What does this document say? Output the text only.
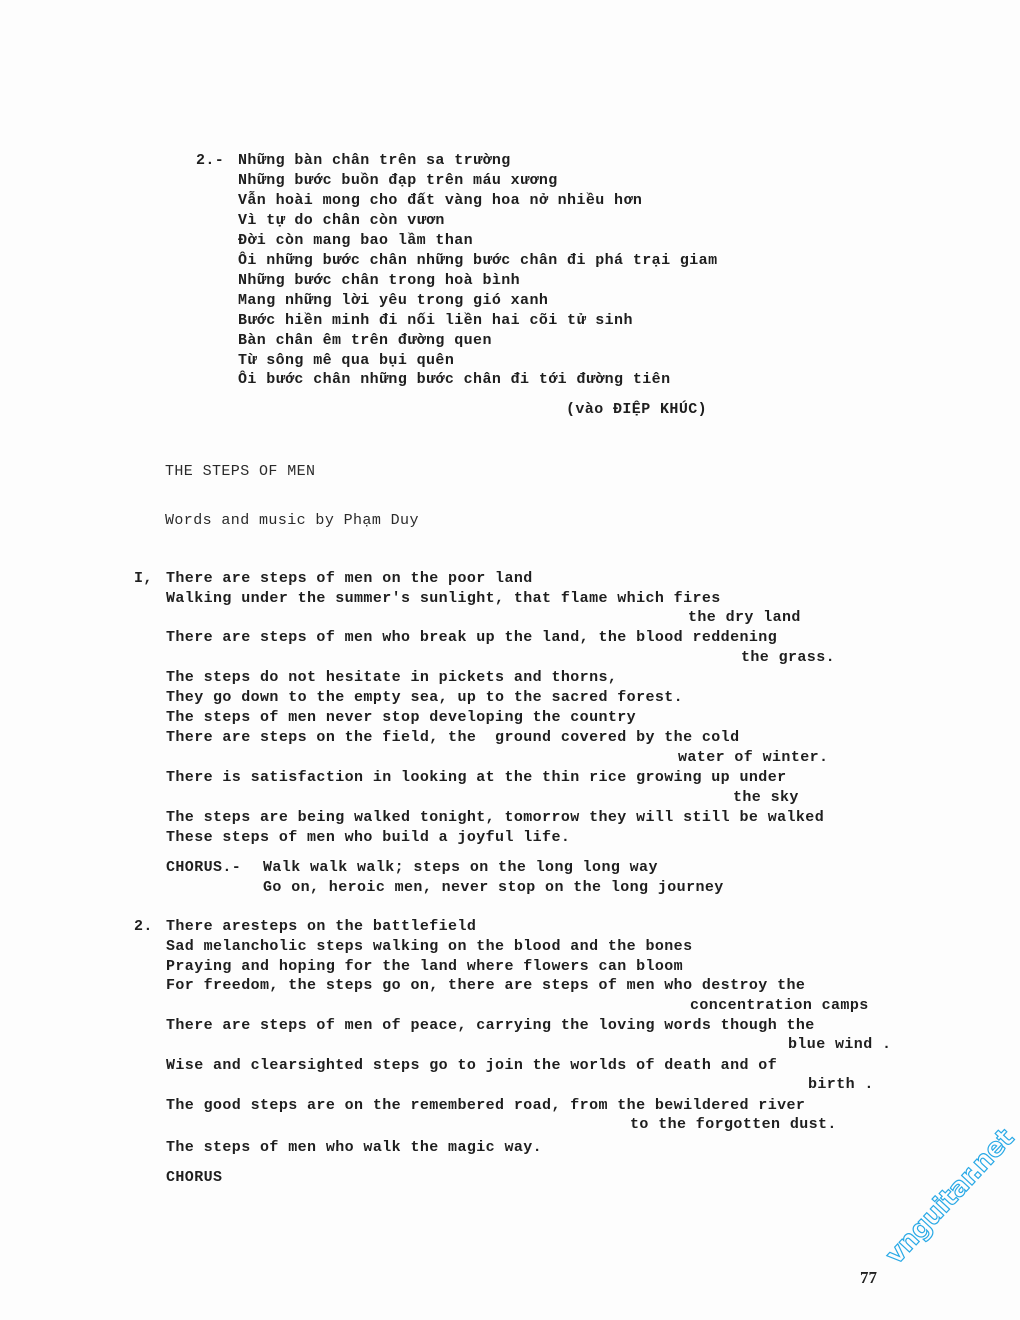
2.- Những bàn chân trên sa trường
Những bước buồn đạp trên máu xương
Vẫn hoài mong cho đất vàng hoa nở nhiều hơn
Vì tự do chân còn vươn
Đời còn mang bao lầm than
Ôi những bước chân những bước chân đi phá trại giam
Những bước chân trong hoà bình
Mang những lời yêu trong gió xanh
Bước hiền minh đi nối liền hai cõi tử sinh
Bàn chân êm trên đường quen
Từ sông mê qua bụi quên
Ôi bước chân những bước chân đi tới đường tiên
(vào ĐIỆP KHÚC)
THE STEPS OF MEN
Words and music by Phạm Duy
I, There are steps of men on the poor land
Walking under the summer's sunlight, that flame which fires
the dry land
There are steps of men who break up the land, the blood reddening
the grass.
The steps do not hesitate in pickets and thorns,
They go down to the empty sea, up to the sacred forest.
The steps of men never stop developing the country
There are steps on the field, the  ground covered by the cold
water of winter.
There is satisfaction in looking at the thin rice growing up under
the sky
The steps are being walked tonight, tomorrow they will still be walked
These steps of men who build a joyful life.
CHORUS.- Walk walk walk; steps on the long long way
Go on, heroic men, never stop on the long journey
2. There aresteps on the battlefield
Sad melancholic steps walking on the blood and the bones
Praying and hoping for the land where flowers can bloom
For freedom, the steps go on, there are steps of men who destroy the
concentration camps
There are steps of men of peace, carrying the loving words though the
blue wind .
Wise and clearsighted steps go to join the worlds of death and of
birth .
The good steps are on the remembered road, from the bewildered river
to the forgotten dust.
The steps of men who walk the magic way.
CHORUS
77
vnguitar.net
